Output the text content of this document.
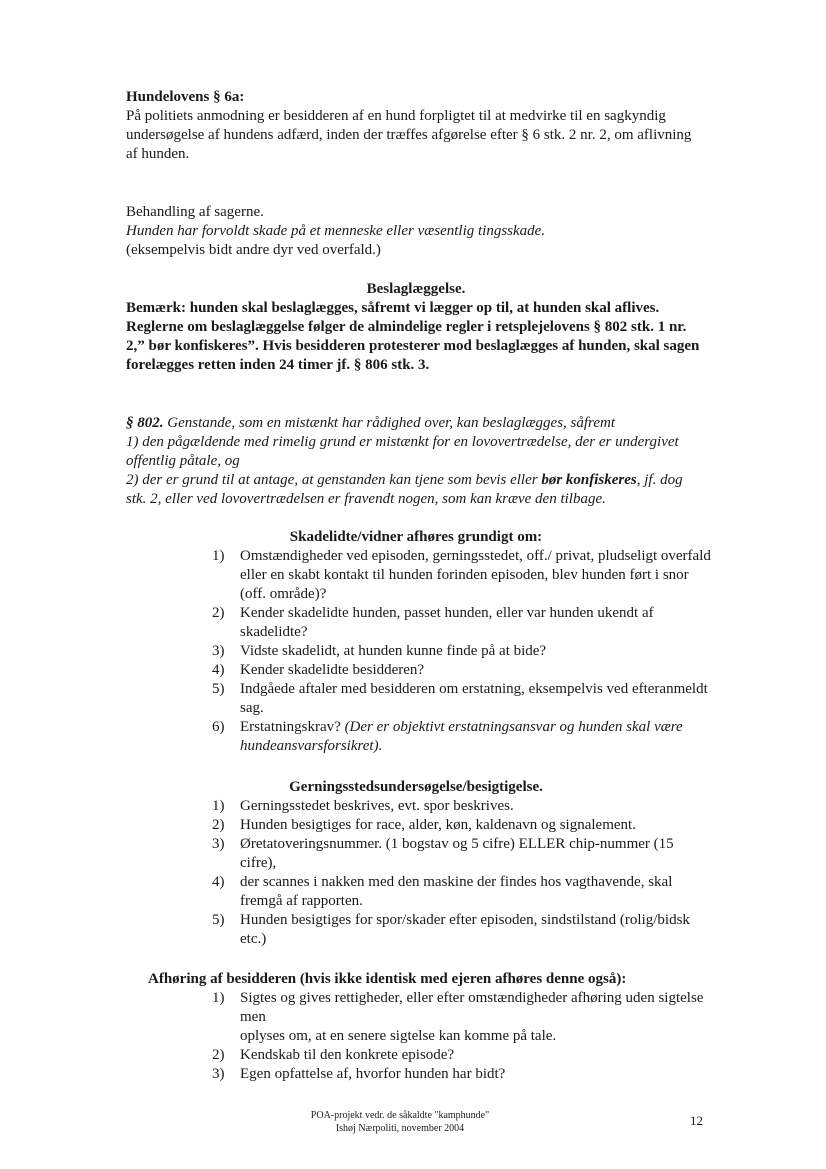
Hundelovens § 6a:

På politiets anmodning er besidderen af en hund forpligtet til at medvirke til en sagkyndig undersøgelse af hundens adfærd, inden der træffes afgørelse efter § 6 stk. 2 nr. 2, om aflivning af hunden.

Behandling af sagerne.

Hunden har forvoldt skade på et menneske eller væsentlig tingsskade.

(eksempelvis bidt andre dyr ved overfald.)

Beslaglæggelse.

Bemærk: hunden skal beslaglægges, såfremt vi lægger op til, at hunden skal aflives. Reglerne om beslaglæggelse følger de almindelige regler i retsplejelovens § 802 stk. 1 nr. 2,” bør konfiskeres”. Hvis besidderen protesterer mod beslaglægges af hunden, skal sagen forelægges retten inden 24 timer jf. § 806 stk. 3.

§ 802. Genstande, som en mistænkt har rådighed over, kan beslaglægges, såfremt

1) den pågældende med rimelig grund er mistænkt for en lovovertrædelse, der er undergivet offentlig påtale, og

2) der er grund til at antage, at genstanden kan tjene som bevis eller bør konfiskeres, jf. dog stk. 2, eller ved lovovertrædelsen er fravendt nogen, som kan kræve den tilbage.

Skadelidte/vidner afhøres grundigt om:

1)	Omstændigheder ved episoden, gerningsstedet, off./ privat, pludseligt overfald eller en skabt kontakt til hunden forinden episoden, blev hunden ført i snor (off. område)?
2)	Kender skadelidte hunden, passet hunden, eller var hunden ukendt af skadelidte?
3)	Vidste skadelidt, at hunden kunne finde på at bide?
4)	Kender skadelidte besidderen?
5)	Indgåede aftaler med besidderen om erstatning, eksempelvis ved efteranmeldt sag.
6)	Erstatningskrav? (Der er objektivt erstatningsansvar og hunden skal være hundeansvarsforsikret).

Gerningsstedsundersøgelse/besigtigelse.

1)	Gerningsstedet beskrives, evt. spor beskrives.
2)	Hunden besigtiges for race, alder, køn, kaldenavn og signalement.
3)	Øretatoveringsnummer. (1 bogstav og 5 cifre) ELLER chip-nummer (15 cifre),
4)	der scannes i nakken med den maskine der findes hos vagthavende, skal fremgå af rapporten.
5)	Hunden besigtiges for spor/skader efter episoden, sindstilstand (rolig/bidsk etc.)

Afhøring af besidderen (hvis ikke identisk med ejeren afhøres denne også):

1)	Sigtes og gives rettigheder, eller efter omstændigheder afhøring uden sigtelse men
oplyses om, at en senere sigtelse kan komme på tale.
2)	Kendskab til den konkrete episode?
3)	Egen opfattelse af, hvorfor hunden har bidt?
POA-projekt vedr. de såkaldte "kamphunde"
Ishøj Nærpoliti, november 2004
12
